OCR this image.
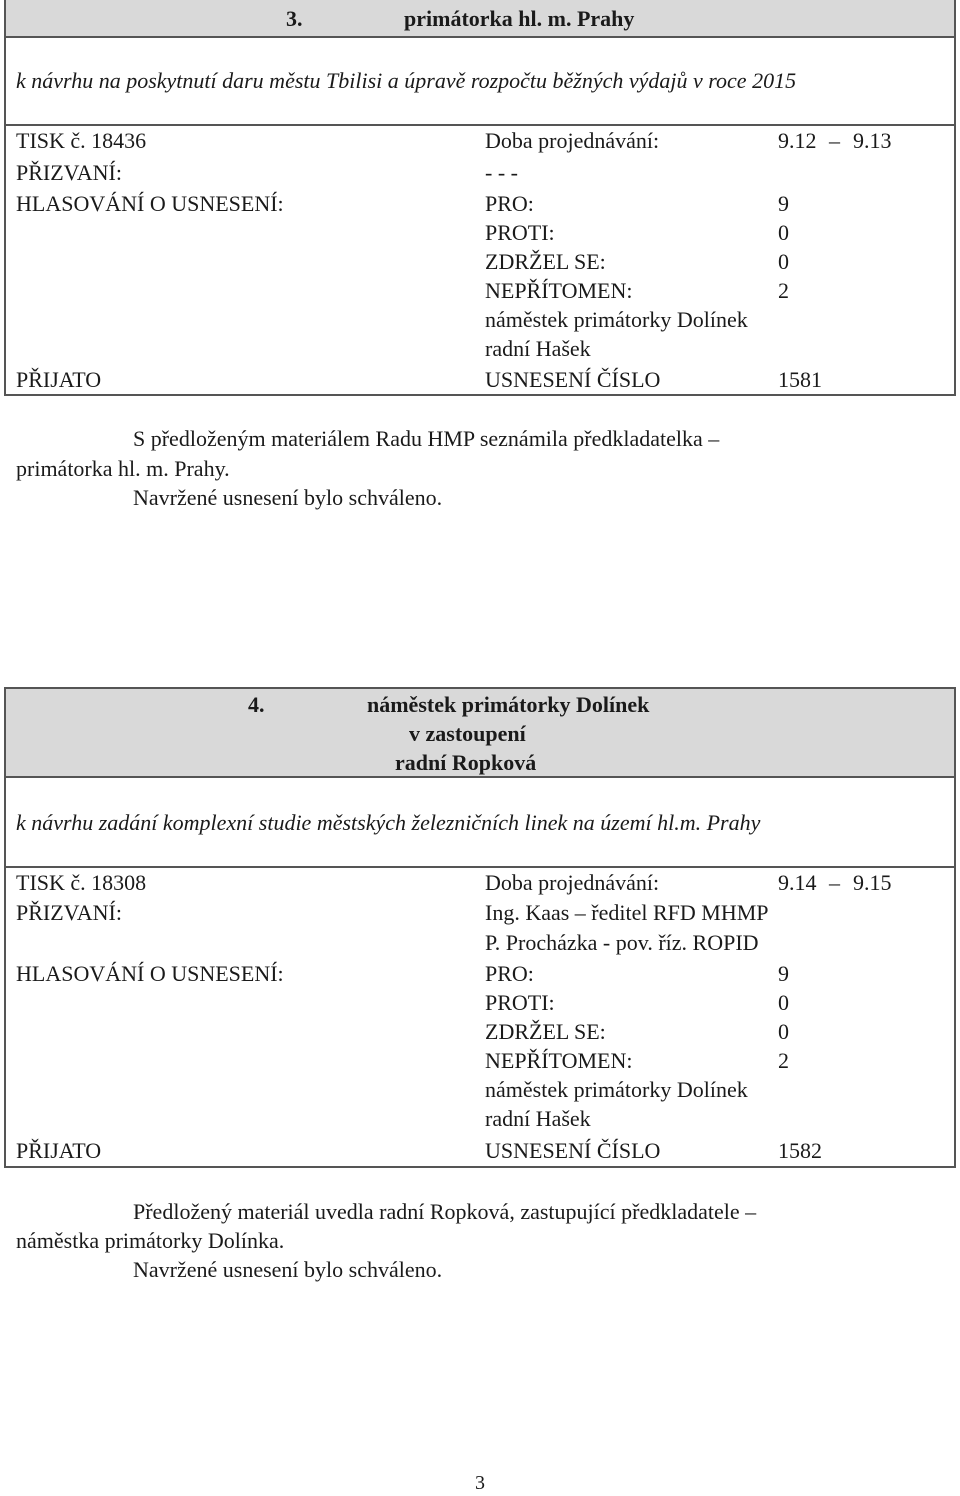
3.	primátorka hl. m. Prahy
k návrhu na poskytnutí daru městu Tbilisi a úpravě rozpočtu běžných výdajů v roce 2015
TISK č. 18436	Doba projednávání:	9.12 – 9.13
PŘIZVANÍ:	- - -
HLASOVÁNÍ O USNESENÍ:	PRO:	9
PROTI:	0
ZDRŽEL SE:	0
NEPŘÍTOMEN:	2
náměstek primátorky Dolínek
radní Hašek
PŘIJATO	USNESENÍ ČÍSLO	1581
S předloženým materiálem Radu HMP seznámila předkladatelka –
primátorka hl. m. Prahy.
Navržené usnesení bylo schváleno.
4.	náměstek primátorky Dolínek
v zastoupení
radní Ropková
k návrhu zadání komplexní studie městských železničních linek na území hl.m. Prahy
TISK č. 18308	Doba projednávání:	9.14 – 9.15
PŘIZVANÍ:	Ing. Kaas – ředitel RFD MHMP
P. Procházka - pov. říz. ROPID
HLASOVÁNÍ O USNESENÍ:	PRO:	9
PROTI:	0
ZDRŽEL SE:	0
NEPŘÍTOMEN:	2
náměstek primátorky Dolínek
radní Hašek
PŘIJATO	USNESENÍ ČÍSLO	1582
Předložený materiál uvedla radní Ropková, zastupující předkladatele –
náměstka primátorky Dolínka.
Navržené usnesení bylo schváleno.
3
